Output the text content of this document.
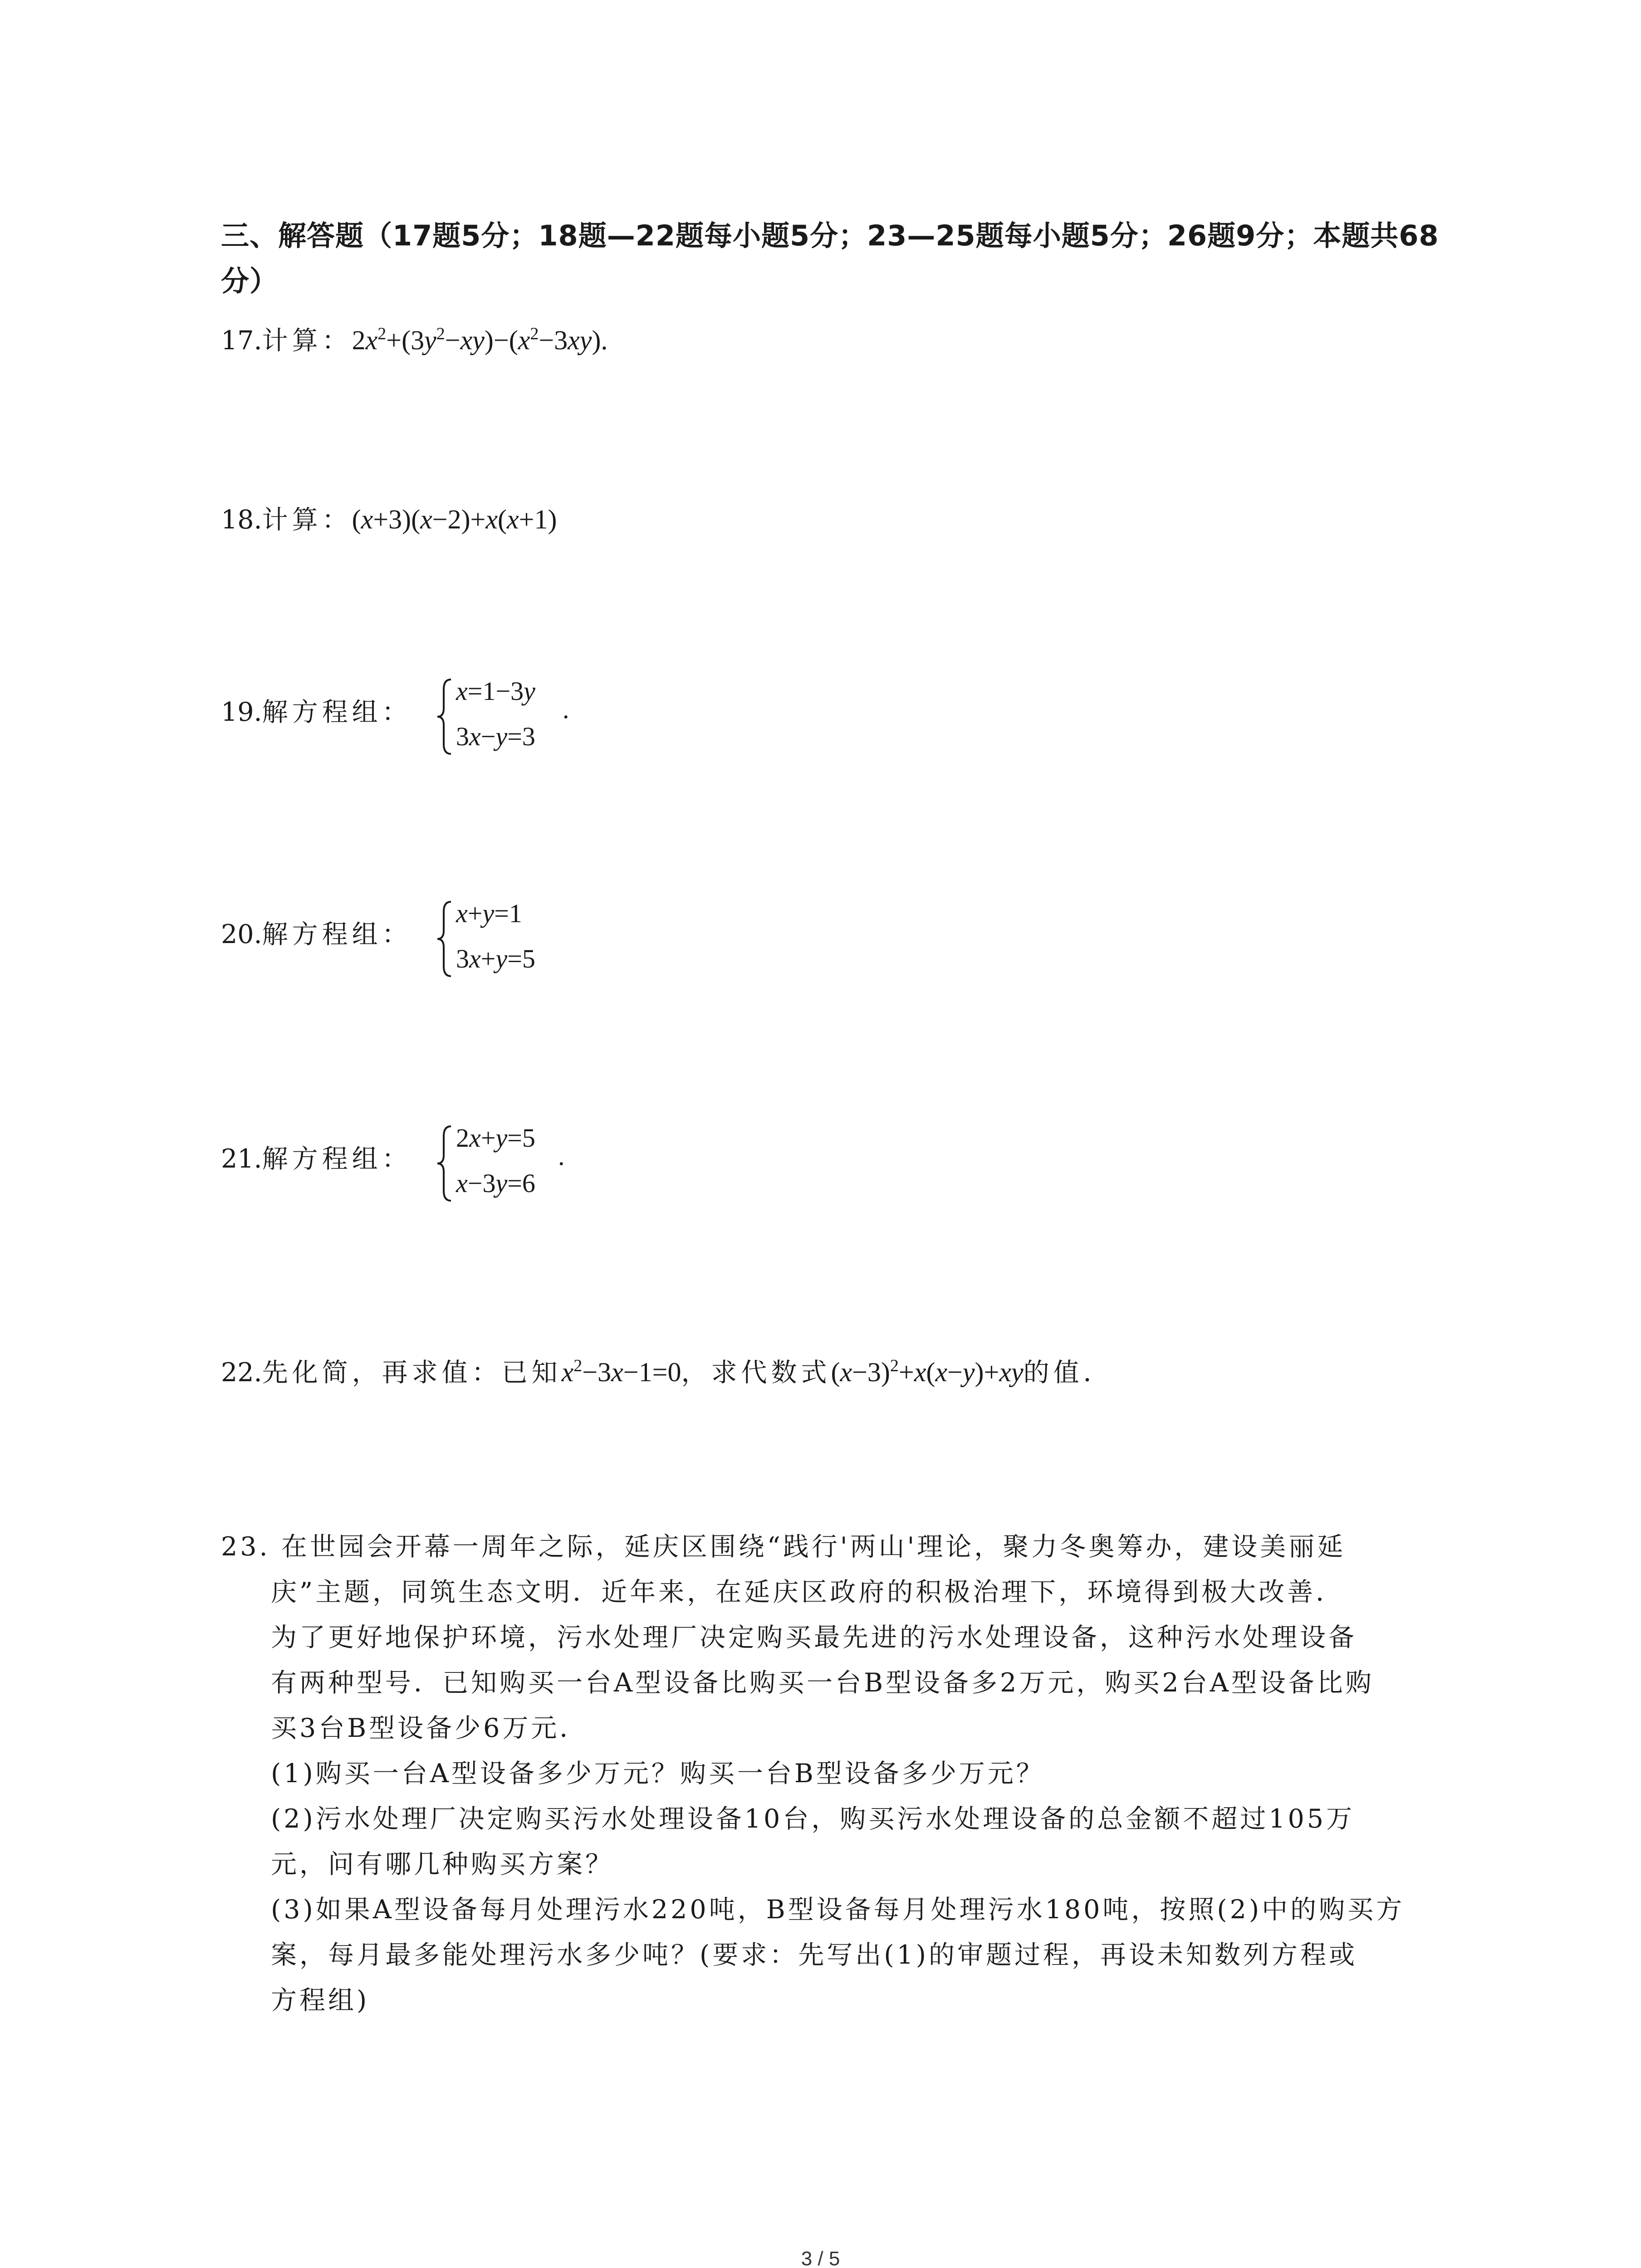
三、解答题（17题5分；18题—22题每小题5分；23—25题每小题5分；26题9分；本题共68
分）
17.计算：$2x^2+(3y^2-xy)-(x^2-3xy)$.
18.计算：(x+3)(x−2)+x(x+1)
19.解方程组：
x=1−3y
3x−y=3
.
20.解方程组：
x+y=1
3x+y=5
21.解方程组：
2x+y=5
x−3y=6
.
22.先化简，再求值：已知$x^2-3x-1=0$，求代数式$(x-3)^2+x(x-y)+xy$的值．
23. 在世园会开幕一周年之际，延庆区围绕“践行'两山'理论，聚力冬奥筹办，建设美丽延
庆”主题，同筑生态文明．近年来，在延庆区政府的积极治理下，环境得到极大改善．
为了更好地保护环境，污水处理厂决定购买最先进的污水处理设备，这种污水处理设备
有两种型号．已知购买一台A型设备比购买一台B型设备多2万元，购买2台A型设备比购
买3台B型设备少6万元．
(1)购买一台A型设备多少万元？购买一台B型设备多少万元？
(2)污水处理厂决定购买污水处理设备10台，购买污水处理设备的总金额不超过105万
元，问有哪几种购买方案？
(3)如果A型设备每月处理污水220吨，B型设备每月处理污水180吨，按照(2)中的购买方
案，每月最多能处理污水多少吨？(要求：先写出(1)的审题过程，再设未知数列方程或
方程组)
3 / 5
